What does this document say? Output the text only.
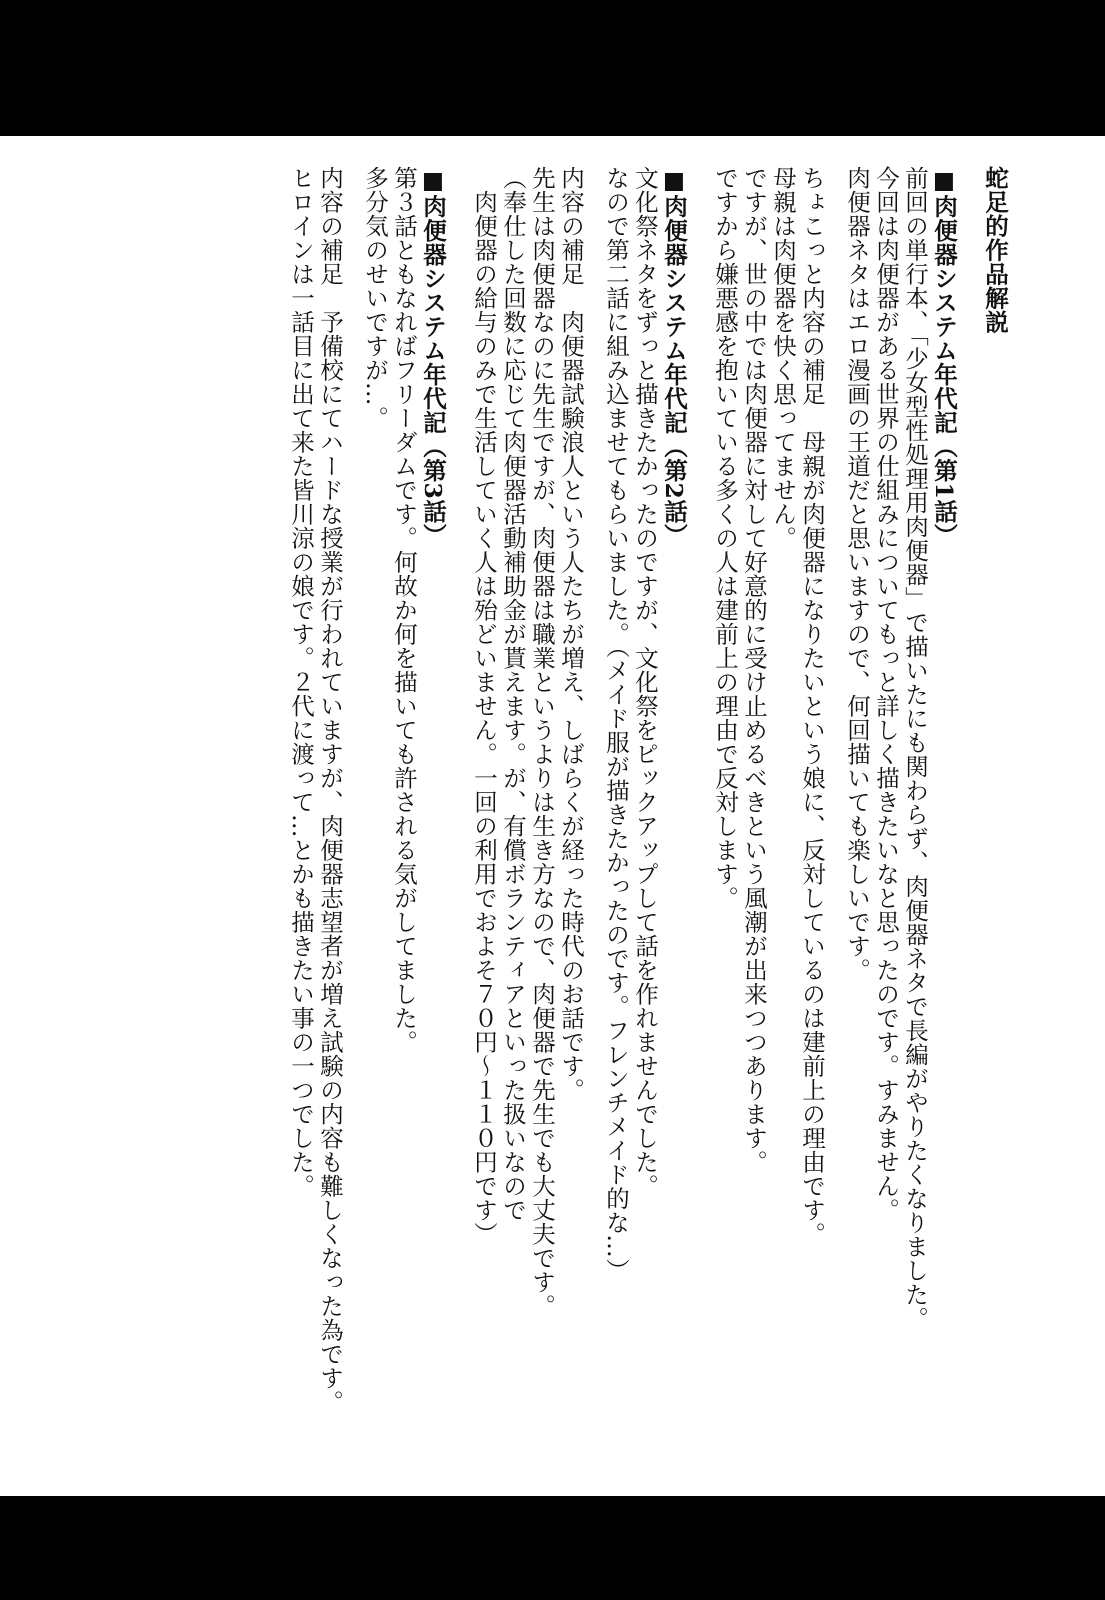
蛇足的作品解説
■肉便器システム年代記（第1話）
前回の単行本、「少女型性処理用肉便器」で描いたにも関わらず、肉便器ネタで長編がやりたくなりました。
今回は肉便器がある世界の仕組みについてもっと詳しく描きたいなと思ったのです。すみません。
肉便器ネタはエロ漫画の王道だと思いますので、何回描いても楽しいです。
ちょこっと内容の補足　母親が肉便器になりたいという娘に、反対しているのは建前上の理由です。
母親は肉便器を快く思ってません。
ですが、世の中では肉便器に対して好意的に受け止めるべきという風潮が出来つつあります。
ですから嫌悪感を抱いている多くの人は建前上の理由で反対します。
■肉便器システム年代記（第2話）
文化祭ネタをずっと描きたかったのですが、文化祭をピックアップして話を作れませんでした。
なので第二話に組み込ませてもらいました。（メイド服が描きたかったのです。フレンチメイド的な…）
内容の補足　肉便器試験浪人という人たちが増え、しばらくが経った時代のお話です。
先生は肉便器なのに先生ですが、肉便器は職業というよりは生き方なので、肉便器で先生でも大丈夫です。
（奉仕した回数に応じて肉便器活動補助金が貰えます。が、有償ボランティアといった扱いなので
　肉便器の給与のみで生活していく人は殆どいません。一回の利用でおよそ７０円～１１０円です）
■肉便器システム年代記（第3話）
第３話ともなればフリーダムです。何故か何を描いても許される気がしてました。
多分気のせいですが…。
内容の補足　予備校にてハードな授業が行われていますが、肉便器志望者が増え試験の内容も難しくなった為です。
ヒロインは一話目に出て来た皆川涼の娘です。２代に渡って…とかも描きたい事の一つでした。
